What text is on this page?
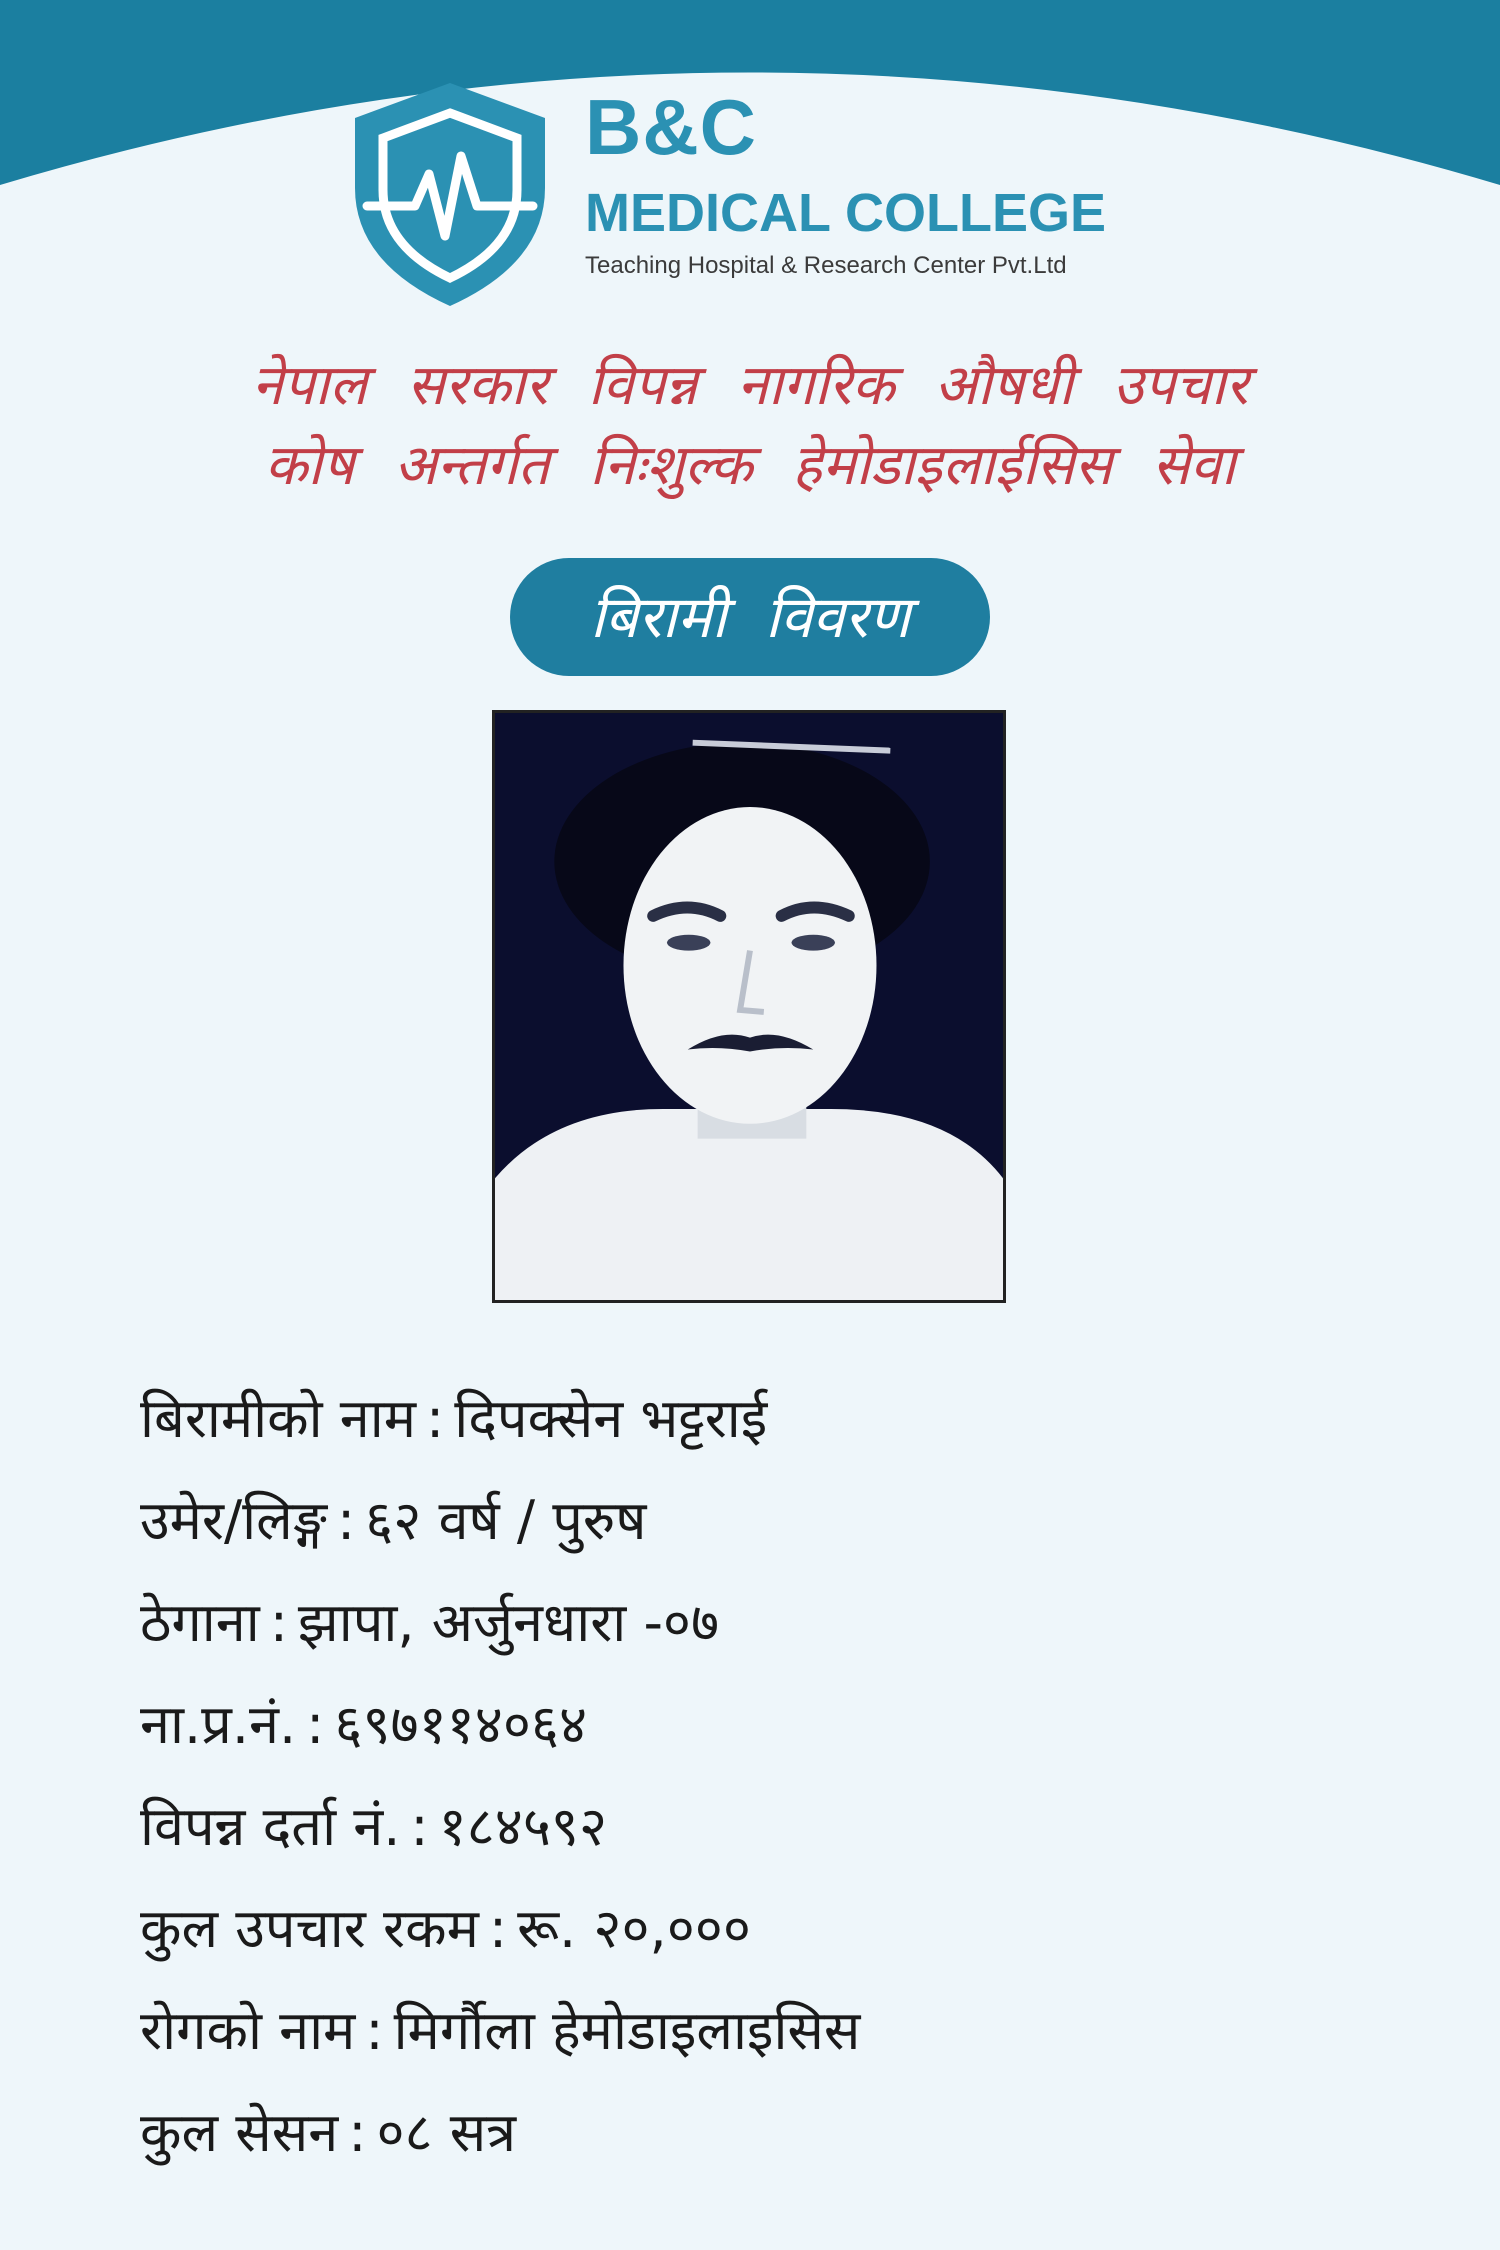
B&C
MEDICAL COLLEGE
Teaching Hospital & Research Center Pvt.Ltd
नेपाल सरकार विपन्न नागरिक औषधी उपचार
कोष अन्तर्गत निःशुल्क हेमोडाइलाईसिस सेवा
बिरामी विवरण
बिरामीको नाम : दिपक्सेन भट्टराई
उमेर/लिङ्ग : ६२ वर्ष / पुरुष
ठेगाना : झापा, अर्जुनधारा -०७
ना.प्र.नं. : ६९७११४०६४
विपन्न दर्ता नं. : १८४५९२
कुल उपचार रकम : रू. २०,०००
रोगको नाम : मिर्गौला हेमोडाइलाइसिस
कुल सेसन : ०८ सत्र
